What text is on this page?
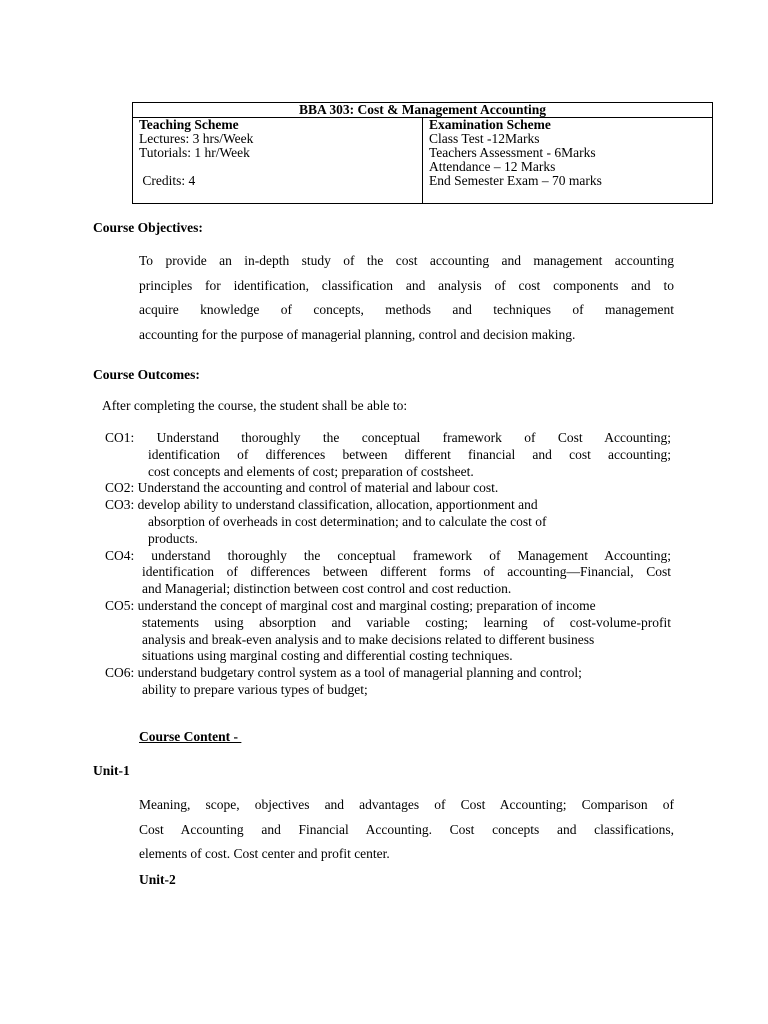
BBA 303: Cost & Management Accounting

Teaching Scheme
Lectures: 3 hrs/Week
Tutorials: 1 hr/Week
Credits: 4

Examination Scheme
Class Test -12Marks
Teachers Assessment - 6Marks
Attendance – 12 Marks
End Semester Exam – 70 marks
Course Objectives:
To provide an in-depth study of the cost accounting and management accounting
principles for identification, classification and analysis of cost components and to
acquire knowledge of concepts, methods and techniques of management
accounting for the purpose of managerial planning, control and decision making.
Course Outcomes:
After completing the course, the student shall be able to:
CO1:  Understand  thoroughly  the  conceptual  framework  of  Cost  Accounting;
identification of differences between different financial and cost accounting;
cost concepts and elements of cost; preparation of costsheet.
CO2: Understand the accounting and control of material and labour cost.
CO3: develop ability to understand classification, allocation, apportionment and
absorption of overheads in cost determination; and to calculate the cost of
products.
CO4:  understand  thoroughly  the  conceptual  framework  of  Management  Accounting;
identification of differences between different forms of accounting—Financial, Cost
and Managerial; distinction between cost control and cost reduction.
CO5: understand the concept of marginal cost and marginal costing; preparation of income
statements using absorption and variable costing; learning of cost-volume-profit
analysis and break-even analysis and to make decisions related to different business
situations using marginal costing and differential costing techniques.
CO6: understand budgetary control system as a tool of managerial planning and control;
ability to prepare various types of budget;
Course Content -
Unit-1
Meaning, scope, objectives and advantages of Cost Accounting; Comparison of
Cost Accounting and Financial Accounting. Cost concepts and classifications,
elements of cost. Cost center and profit center.
Unit-2
